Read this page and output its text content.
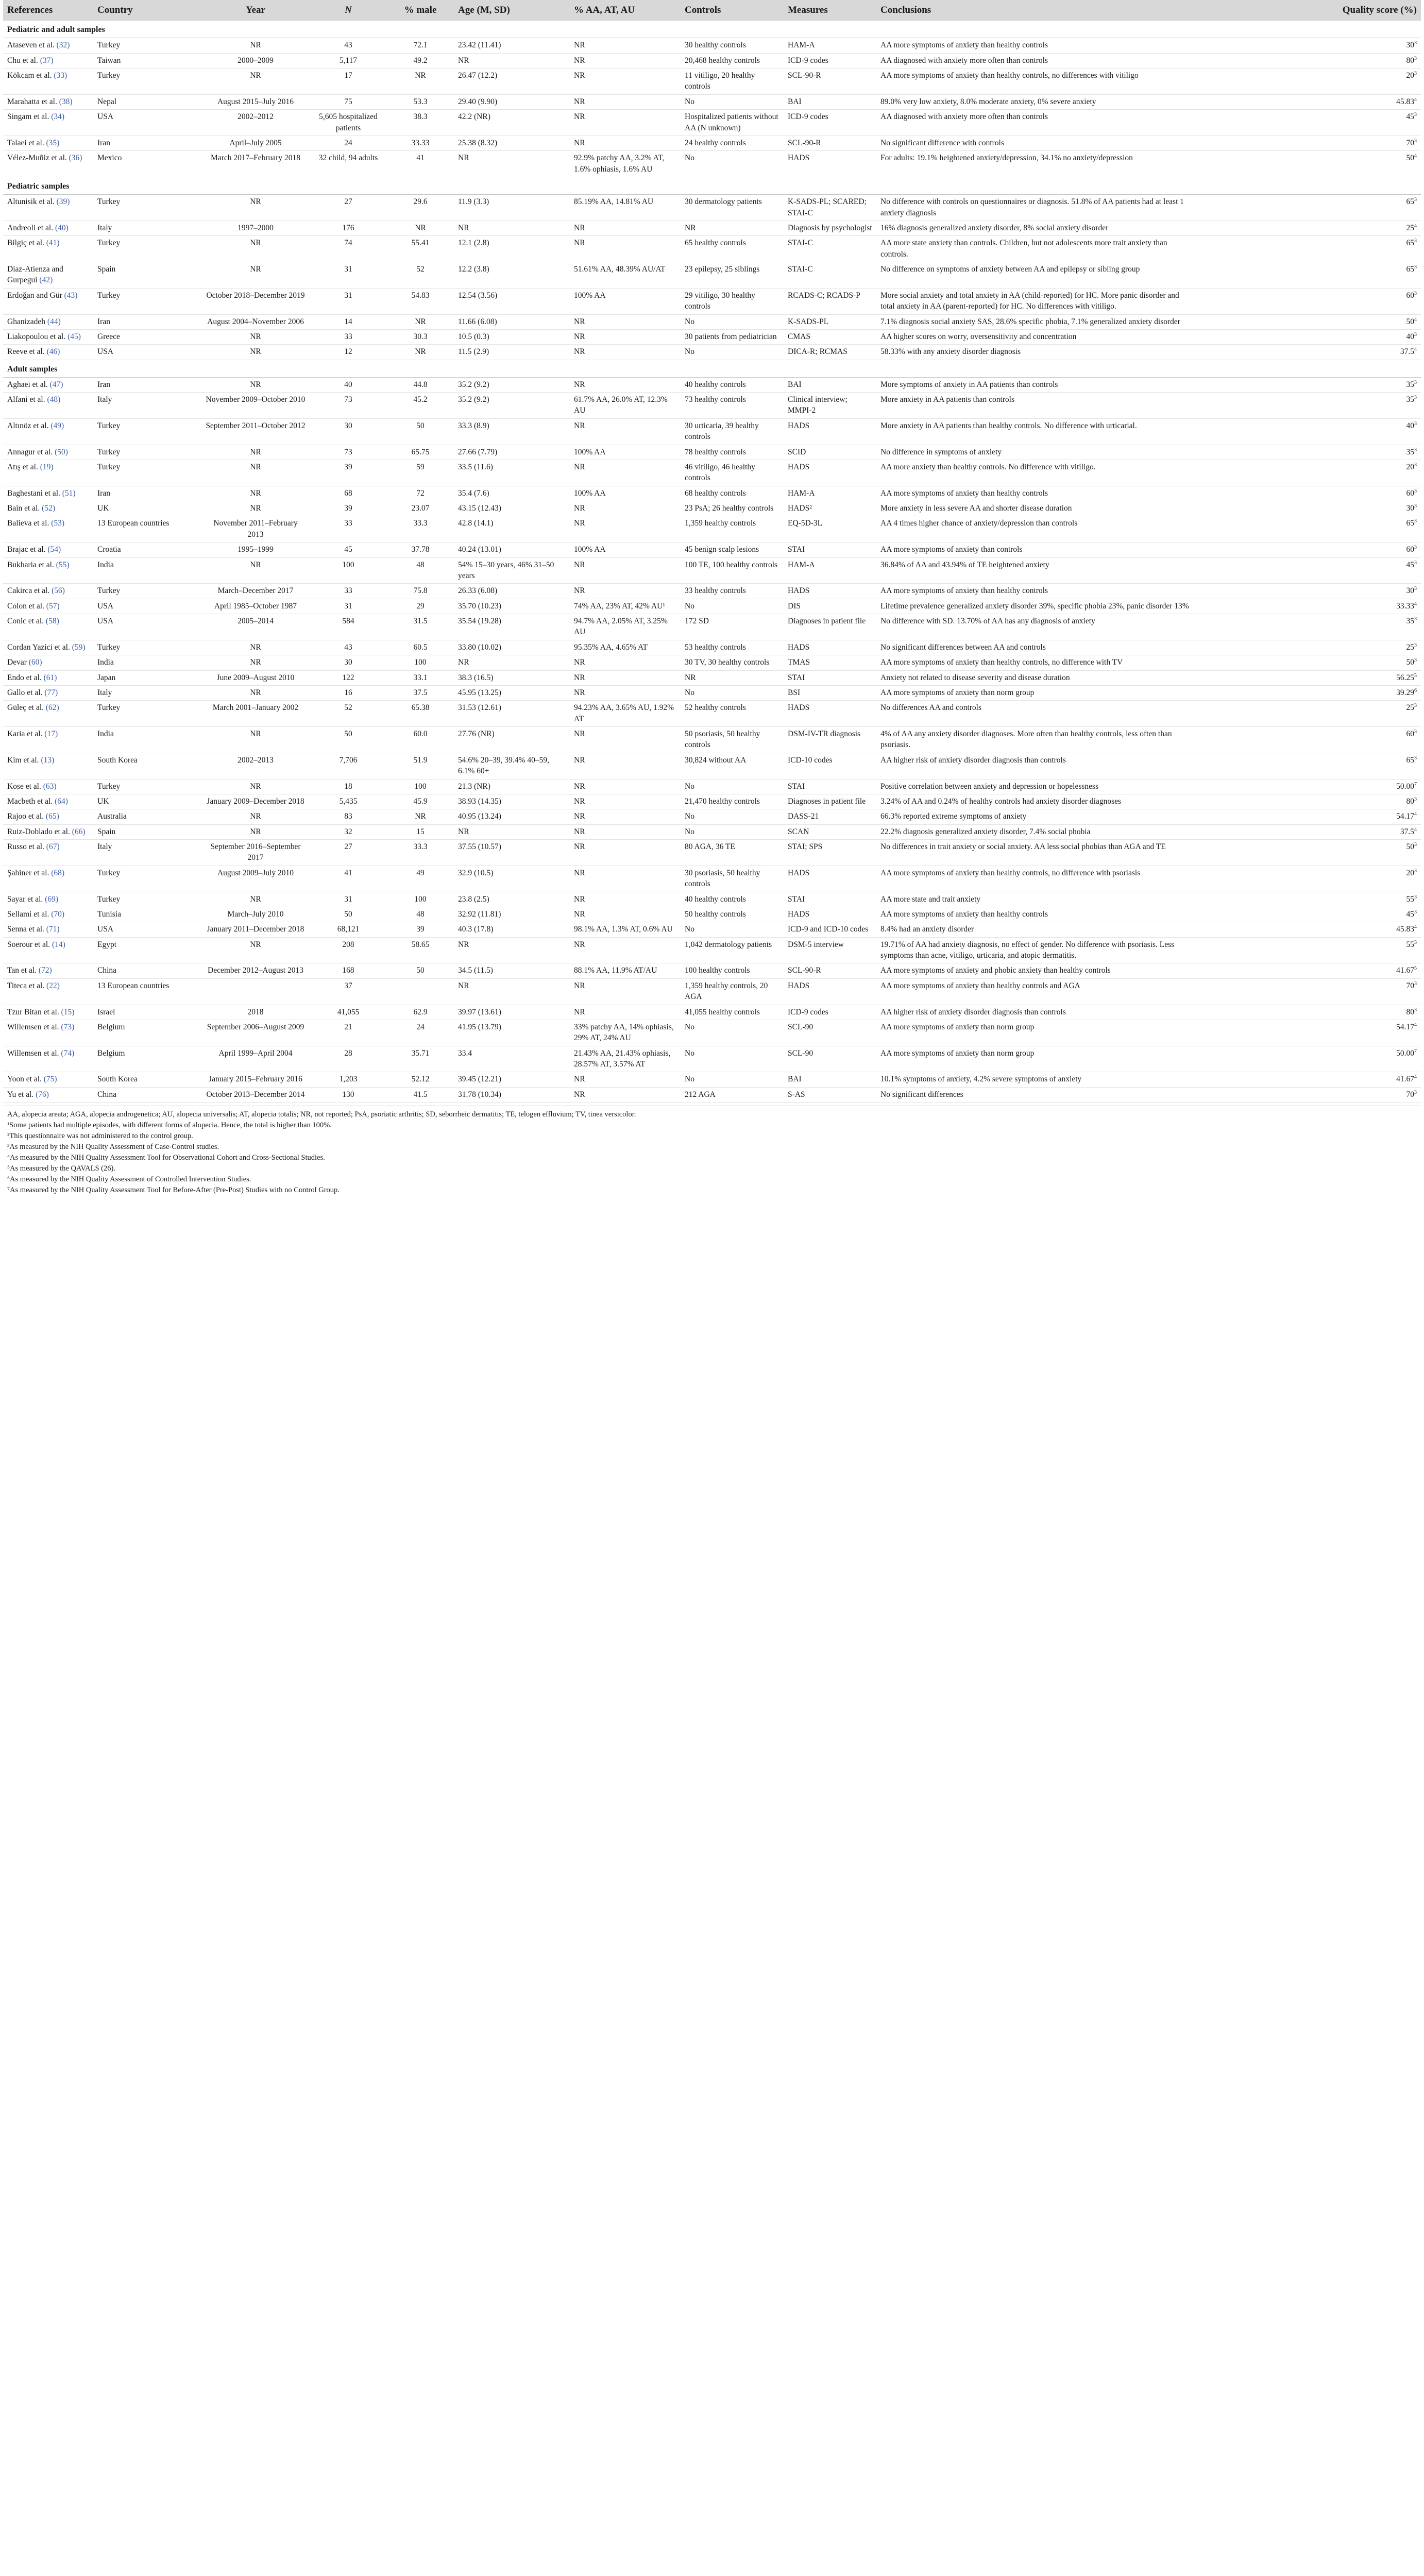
References	Country	Year	N	% male	Age (M, SD)	% AA, AT, AU	Controls	Measures	Conclusions	Quality score (%)
Pediatric and adult samples										
Ataseven et al. (32)	Turkey	NR	43	72.1	23.42 (11.41)	NR	30 healthy controls	HAM-A	AA more symptoms of anxiety than healthy controls	$30^3$
Chu et al. (37)	Taiwan	2000–2009	5,117	49.2	NR	NR	20,468 healthy controls	ICD-9 codes	AA diagnosed with anxiety more often than controls	$80^3$
Kökcam et al. (33)	Turkey	NR	17	NR	26.47 (12.2)	NR	11 vitiligo, 20 healthy controls	SCL-90-R	AA more symptoms of anxiety than healthy controls, no differences with vitiligo	$20^3$
Marahatta et al. (38)	Nepal	August 2015–July 2016	75	53.3	29.40 (9.90)	NR	No	BAI	89.0% very low anxiety, 8.0% moderate anxiety, 0% severe anxiety	45.83$^4$
Singam et al. (34)	USA	2002–2012	5,605 hospitalized patients	38.3	42.2 (NR)	NR	Hospitalized patients without AA (N unknown)	ICD-9 codes	AA diagnosed with anxiety more often than controls	$45^3$
Talaei et al. (35)	Iran	April–July 2005	24	33.33	25.38 (8.32)	NR	24 healthy controls	SCL-90-R	No significant difference with controls	$70^3$
Vélez-Muñiz et al. (36)	Mexico	March 2017–February 2018	32 child, 94 adults	41	NR	92.9% patchy AA, 3.2% AT, 1.6% ophiasis, 1.6% AU	No	HADS	For adults: 19.1% heightened anxiety/depression, 34.1% no anxiety/depression	$50^4$
Pediatric samples										
Altunisik et al. (39)	Turkey	NR	27	29.6	11.9 (3.3)	85.19% AA, 14.81% AU	30 dermatology patients	K-SADS-PL; SCARED; STAI-C	No difference with controls on questionnaires or diagnosis. 51.8% of AA patients had at least 1 anxiety diagnosis	$65^3$
Andreoli et al. (40)	Italy	1997–2000	176	NR	NR	NR	NR	Diagnosis by psychologist	16% diagnosis generalized anxiety disorder, 8% social anxiety disorder	$25^4$
Bilgiç et al. (41)	Turkey	NR	74	55.41	12.1 (2.8)	NR	65 healthy controls	STAI-C	AA more state anxiety than controls. Children, but not adolescents more trait anxiety than controls.	$65^3$
Díaz-Atienza and Gurpegui (42)	Spain	NR	31	52	12.2 (3.8)	51.61% AA, 48.39% AU/AT	23 epilepsy, 25 siblings	STAI-C	No difference on symptoms of anxiety between AA and epilepsy or sibling group	$65^3$
Erdoğan and Gür (43)	Turkey	October 2018–December 2019	31	54.83	12.54 (3.56)	100% AA	29 vitiligo, 30 healthy controls	RCADS-C; RCADS-P	More social anxiety and total anxiety in AA (child-reported) for HC. More panic disorder and total anxiety in AA (parent-reported) for HC. No differences with vitiligo.	$60^3$
Ghanizadeh (44)	Iran	August 2004–November 2006	14	NR	11.66 (6.08)	NR	No	K-SADS-PL	7.1% diagnosis social anxiety SAS, 28.6% specific phobia, 7.1% generalized anxiety disorder	$50^4$
Liakopoulou et al. (45)	Greece	NR	33	30.3	10.5 (0.3)	NR	30 patients from pediatrician	CMAS	AA higher scores on worry, oversensitivity and concentration	$40^3$
Reeve et al. (46)	USA	NR	12	NR	11.5 (2.9)	NR	No	DICA-R; RCMAS	58.33% with any anxiety disorder diagnosis	37.5$^4$
Adult samples										
Aghaei et al. (47)	Iran	NR	40	44.8	35.2 (9.2)	NR	40 healthy controls	BAI	More symptoms of anxiety in AA patients than controls	$35^3$
Alfani et al. (48)	Italy	November 2009–October 2010	73	45.2	35.2 (9.2)	61.7% AA, 26.0% AT, 12.3% AU	73 healthy controls	Clinical interview; MMPI-2	More anxiety in AA patients than controls	$35^3$
Altınöz et al. (49)	Turkey	September 2011–October 2012	30	50	33.3 (8.9)	NR	30 urticaria, 39 healthy controls	HADS	More anxiety in AA patients than healthy controls. No difference with urticarial.	$40^3$
Annagur et al. (50)	Turkey	NR	73	65.75	27.66 (7.79)	100% AA	78 healthy controls	SCID	No difference in symptoms of anxiety	$35^3$
Atış et al. (19)	Turkey	NR	39	59	33.5 (11.6)	NR	46 vitiligo, 46 healthy controls	HADS	AA more anxiety than healthy controls. No difference with vitiligo.	$20^3$
Baghestani et al. (51)	Iran	NR	68	72	35.4 (7.6)	100% AA	68 healthy controls	HAM-A	AA more symptoms of anxiety than healthy controls	$60^3$
Bain et al. (52)	UK	NR	39	23.07	43.15 (12.43)	NR	23 PsA; 26 healthy controls	HADS²	More anxiety in less severe AA and shorter disease duration	$30^3$
Balieva et al. (53)	13 European countries	November 2011–February 2013	33	33.3	42.8 (14.1)	NR	1,359 healthy controls	EQ-5D-3L	AA 4 times higher chance of anxiety/depression than controls	$65^3$
Brajac et al. (54)	Croatia	1995–1999	45	37.78	40.24 (13.01)	100% AA	45 benign scalp lesions	STAI	AA more symptoms of anxiety than controls	$60^3$
Bukharia et al. (55)	India	NR	100	48	54% 15–30 years, 46% 31–50 years	NR	100 TE, 100 healthy controls	HAM-A	36.84% of AA and 43.94% of TE heightened anxiety	$45^3$
Cakirca et al. (56)	Turkey	March–December 2017	33	75.8	26.33 (6.08)	NR	33 healthy controls	HADS	AA more symptoms of anxiety than healthy controls	$30^3$
Colon et al. (57)	USA	April 1985–October 1987	31	29	35.70 (10.23)	74% AA, 23% AT, 42% AU¹	No	DIS	Lifetime prevalence generalized anxiety disorder 39%, specific phobia 23%, panic disorder 13%	33.33$^4$
Conic et al. (58)	USA	2005–2014	584	31.5	35.54 (19.28)	94.7% AA, 2.05% AT, 3.25% AU	172 SD	Diagnoses in patient file	No difference with SD. 13.70% of AA has any diagnosis of anxiety	$35^3$
Cordan Yazici et al. (59)	Turkey	NR	43	60.5	33.80 (10.02)	95.35% AA, 4.65% AT	53 healthy controls	HADS	No significant differences between AA and controls	$25^3$
Devar (60)	India	NR	30	100	NR	NR	30 TV, 30 healthy controls	TMAS	AA more symptoms of anxiety than healthy controls, no difference with TV	$50^3$
Endo et al. (61)	Japan	June 2009–August 2010	122	33.1	38.3 (16.5)	NR	NR	STAI	Anxiety not related to disease severity and disease duration	56.25$^5$
Gallo et al. (77)	Italy	NR	16	37.5	45.95 (13.25)	NR	No	BSI	AA more symptoms of anxiety than norm group	39.29$^6$
Güleç et al. (62)	Turkey	March 2001–January 2002	52	65.38	31.53 (12.61)	94.23% AA, 3.65% AU, 1.92% AT	52 healthy controls	HADS	No differences AA and controls	$25^3$
Karia et al. (17)	India	NR	50	60.0	27.76 (NR)	NR	50 psoriasis, 50 healthy controls	DSM-IV-TR diagnosis	4% of AA any anxiety disorder diagnoses. More often than healthy controls, less often than psoriasis.	$60^3$
Kim et al. (13)	South Korea	2002–2013	7,706	51.9	54.6% 20–39, 39.4% 40–59, 6.1% 60+	NR	30,824 without AA	ICD-10 codes	AA higher risk of anxiety disorder diagnosis than controls	$65^3$
Kose et al. (63)	Turkey	NR	18	100	21.3 (NR)	NR	No	STAI	Positive correlation between anxiety and depression or hopelessness	50.00$^7$
Macbeth et al. (64)	UK	January 2009–December 2018	5,435	45.9	38.93 (14.35)	NR	21,470 healthy controls	Diagnoses in patient file	3.24% of AA and 0.24% of healthy controls had anxiety disorder diagnoses	$80^3$
Rajoo et al. (65)	Australia	NR	83	NR	40.95 (13.24)	NR	No	DASS-21	66.3% reported extreme symptoms of anxiety	54.17$^4$
Ruiz-Doblado et al. (66)	Spain	NR	32	15	NR	NR	No	SCAN	22.2% diagnosis generalized anxiety disorder, 7.4% social phobia	37.5$^4$
Russo et al. (67)	Italy	September 2016–September 2017	27	33.3	37.55 (10.57)	NR	80 AGA, 36 TE	STAI; SPS	No differences in trait anxiety or social anxiety. AA less social phobias than AGA and TE	$50^3$
Şahiner et al. (68)	Turkey	August 2009–July 2010	41	49	32.9 (10.5)	NR	30 psoriasis, 50 healthy controls	HADS	AA more symptoms of anxiety than healthy controls, no difference with psoriasis	$20^3$
Sayar et al. (69)	Turkey	NR	31	100	23.8 (2.5)	NR	40 healthy controls	STAI	AA more state and trait anxiety	$55^3$
Sellami et al. (70)	Tunisia	March–July 2010	50	48	32.92 (11.81)	NR	50 healthy controls	HADS	AA more symptoms of anxiety than healthy controls	$45^3$
Senna et al. (71)	USA	January 2011–December 2018	68,121	39	40.3 (17.8)	98.1% AA, 1.3% AT, 0.6% AU	No	ICD-9 and ICD-10 codes	8.4% had an anxiety disorder	45.83$^4$
Soerour et al. (14)	Egypt	NR	208	58.65	NR	NR	1,042 dermatology patients	DSM-5 interview	19.71% of AA had anxiety diagnosis, no effect of gender. No difference with psoriasis. Less symptoms than acne, vitiligo, urticaria, and atopic dermatitis.	$55^3$
Tan et al. (72)	China	December 2012–August 2013	168	50	34.5 (11.5)	88.1% AA, 11.9% AT/AU	100 healthy controls	SCL-90-R	AA more symptoms of anxiety and phobic anxiety than healthy controls	41.67$^5$
Titeca et al. (22)	13 European countries		37		NR	NR	1,359 healthy controls, 20 AGA	HADS	AA more symptoms of anxiety than healthy controls and AGA	$70^3$
Tzur Bitan et al. (15)	Israel	2018	41,055	62.9	39.97 (13.61)	NR	41,055 healthy controls	ICD-9 codes	AA higher risk of anxiety disorder diagnosis than controls	$80^3$
Willemsen et al. (73)	Belgium	September 2006–August 2009	21	24	41.95 (13.79)	33% patchy AA, 14% ophiasis, 29% AT, 24% AU	No	SCL-90	AA more symptoms of anxiety than norm group	54.17$^4$
Willemsen et al. (74)	Belgium	April 1999–April 2004	28	35.71	33.4	21.43% AA, 21.43% ophiasis, 28.57% AT, 3.57% AT	No	SCL-90	AA more symptoms of anxiety than norm group	50.00$^7$
Yoon et al. (75)	South Korea	January 2015–February 2016	1,203	52.12	39.45 (12.21)	NR	No	BAI	10.1% symptoms of anxiety, 4.2% severe symptoms of anxiety	41.67$^4$
Yu et al. (76)	China	October 2013–December 2014	130	41.5	31.78 (10.34)	NR	212 AGA	S-AS	No significant differences	$70^3$
AA, alopecia areata; AGA, alopecia androgenetica; AU, alopecia universalis; AT, alopecia totalis; NR, not reported; PsA, psoriatic arthritis; SD, seborrheic dermatitis; TE, telogen effluvium; TV, tinea versicolor.
¹Some patients had multiple episodes, with different forms of alopecia. Hence, the total is higher than 100%.
²This questionnaire was not administered to the control group.
³As measured by the NIH Quality Assessment of Case-Control studies.
⁴As measured by the NIH Quality Assessment Tool for Observational Cohort and Cross-Sectional Studies.
⁵As measured by the QAVALS (26).
⁶As measured by the NIH Quality Assessment of Controlled Intervention Studies.
⁷As measured by the NIH Quality Assessment Tool for Before-After (Pre-Post) Studies with no Control Group.
